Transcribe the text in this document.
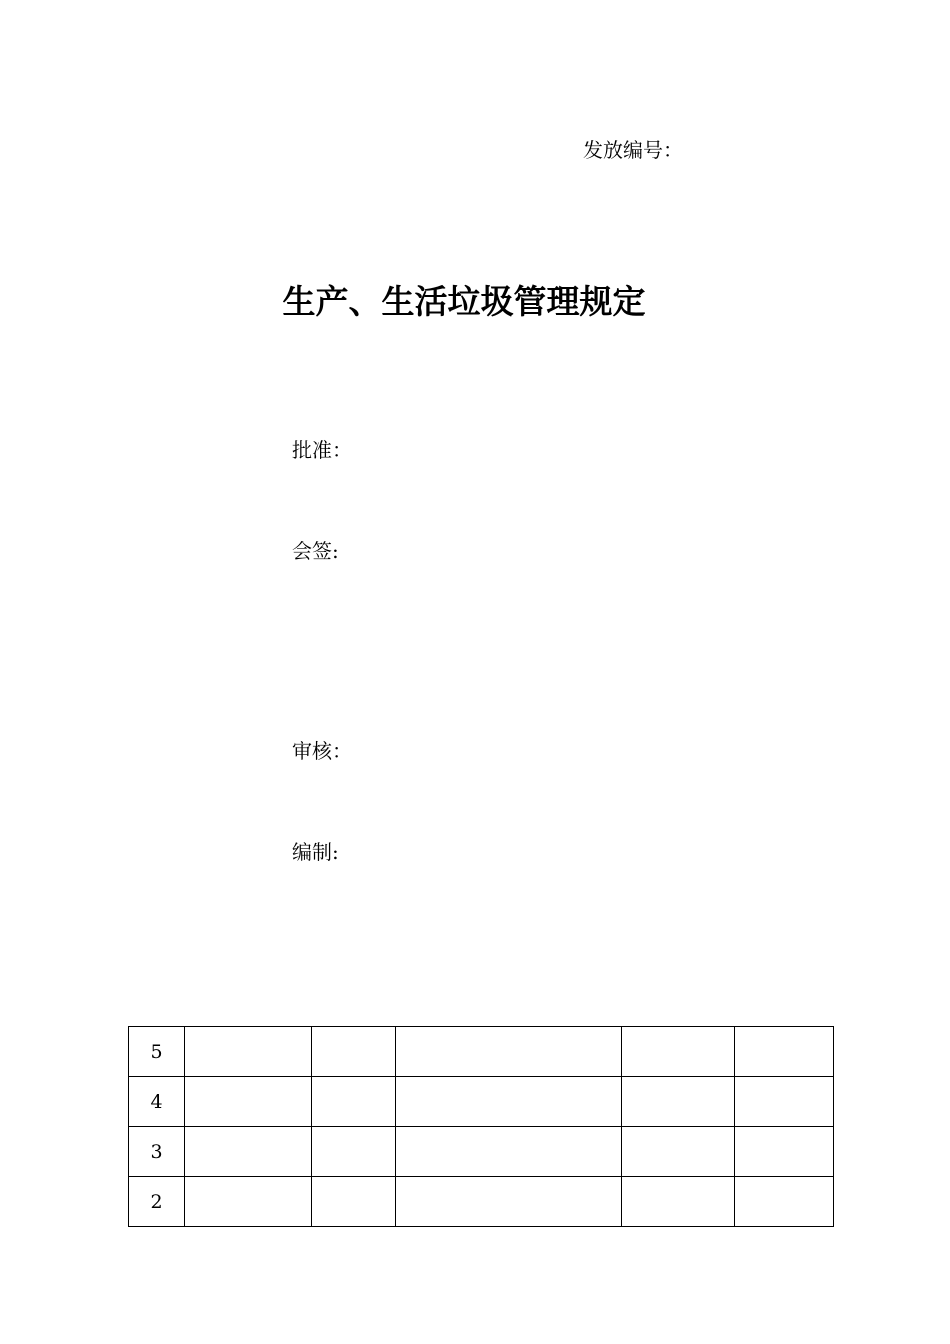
发放编号：
生产、生活垃圾管理规定
批准：
会签:
审核：
编制:
5					
4					
3					
2					
